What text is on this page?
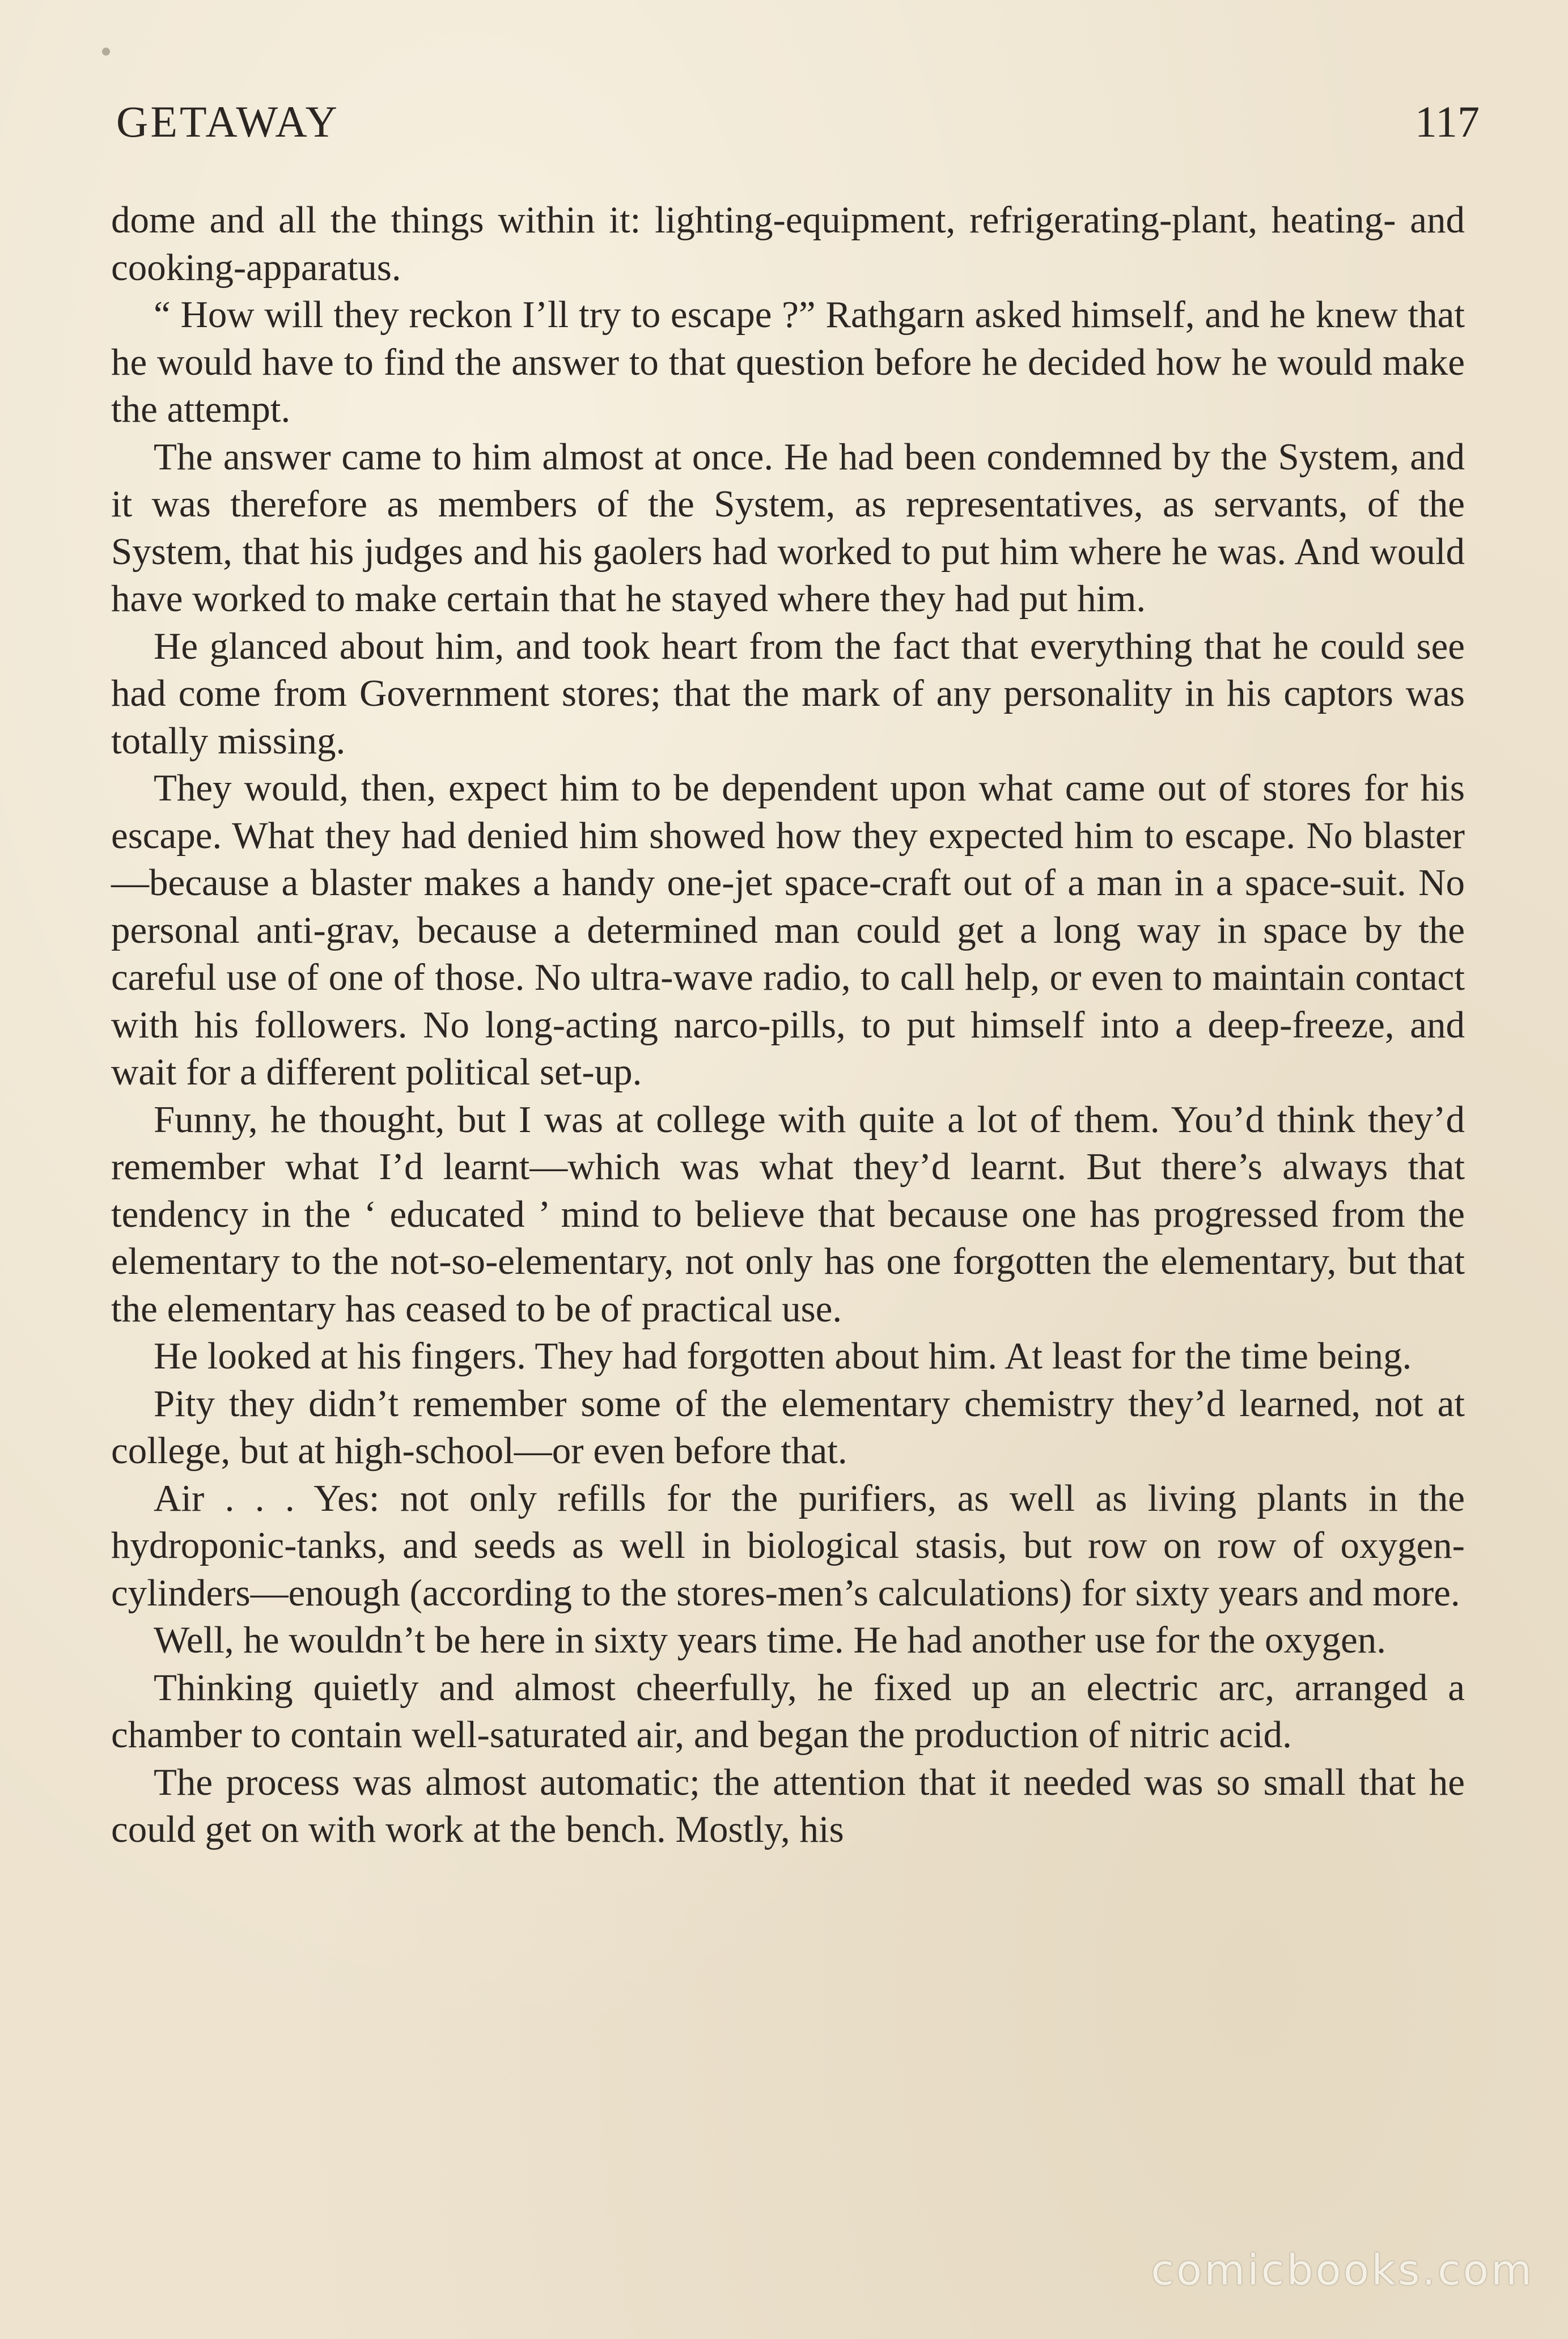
GETAWAY	117

dome and all the things within it: lighting-equipment, refrigerating-plant, heating- and cooking-apparatus.

“ How will they reckon I’ll try to escape ?” Rathgarn asked himself, and he knew that he would have to find the answer to that question before he decided how he would make the attempt.

The answer came to him almost at once. He had been condemned by the System, and it was therefore as members of the System, as representatives, as servants, of the System, that his judges and his gaolers had worked to put him where he was. And would have worked to make certain that he stayed where they had put him.

He glanced about him, and took heart from the fact that everything that he could see had come from Government stores; that the mark of any personality in his captors was totally missing.

They would, then, expect him to be dependent upon what came out of stores for his escape. What they had denied him showed how they expected him to escape. No blaster—because a blaster makes a handy one-jet space-craft out of a man in a space-suit. No personal anti-grav, because a determined man could get a long way in space by the careful use of one of those. No ultra-wave radio, to call help, or even to maintain contact with his followers. No long-acting narco-pills, to put himself into a deep-freeze, and wait for a different political set-up.

Funny, he thought, but I was at college with quite a lot of them. You’d think they’d remember what I’d learnt—which was what they’d learnt. But there’s always that tendency in the ‘ educated ’ mind to believe that because one has progressed from the elementary to the not-so-elementary, not only has one forgotten the elementary, but that the elementary has ceased to be of practical use.

He looked at his fingers. They had forgotten about him. At least for the time being.

Pity they didn’t remember some of the elementary chemistry they’d learned, not at college, but at high-school—or even before that.

Air . . . Yes: not only refills for the purifiers, as well as living plants in the hydroponic-tanks, and seeds as well in biological stasis, but row on row of oxygen-cylinders—enough (according to the stores-men’s calculations) for sixty years and more.

Well, he wouldn’t be here in sixty years time. He had another use for the oxygen.

Thinking quietly and almost cheerfully, he fixed up an electric arc, arranged a chamber to contain well-saturated air, and began the production of nitric acid.

The process was almost automatic; the attention that it needed was so small that he could get on with work at the bench. Mostly, his

comicbooks.com
